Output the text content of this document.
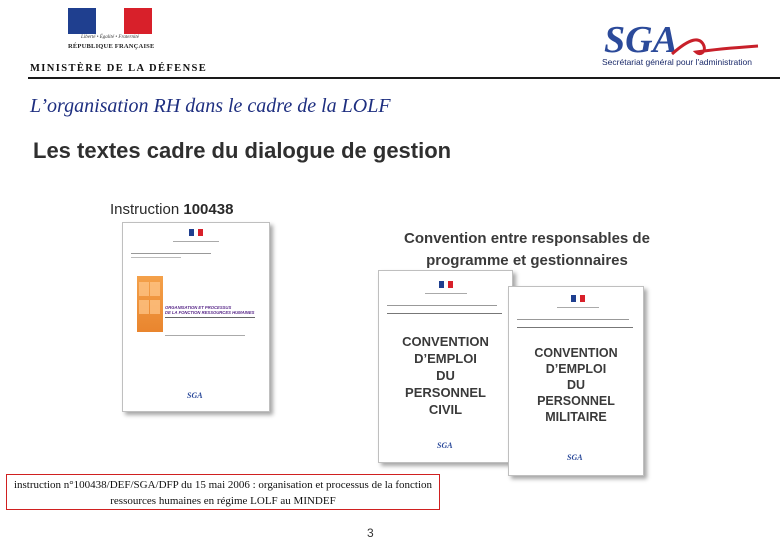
Liberté • Égalité • Fraternité
RÉPUBLIQUE FRANÇAISE
MINISTÈRE DE LA DÉFENSE
SGA
Secrétariat général pour l'administration
L’organisation RH dans le cadre de la LOLF
Les textes cadre du dialogue de gestion
Instruction 100438
Convention entre responsables de programme et gestionnaires
ORGANISATION ET PROCESSUS
DE LA FONCTION RESSOURCES HUMAINES
SGA
CONVENTION
D’EMPLOI
DU
PERSONNEL
CIVIL
SGA
CONVENTION
D’EMPLOI
DU
PERSONNEL
MILITAIRE
SGA
instruction n°100438/DEF/SGA/DFP du 15 mai 2006 : organisation et processus de la fonction ressources humaines en régime LOLF au MINDEF
3
